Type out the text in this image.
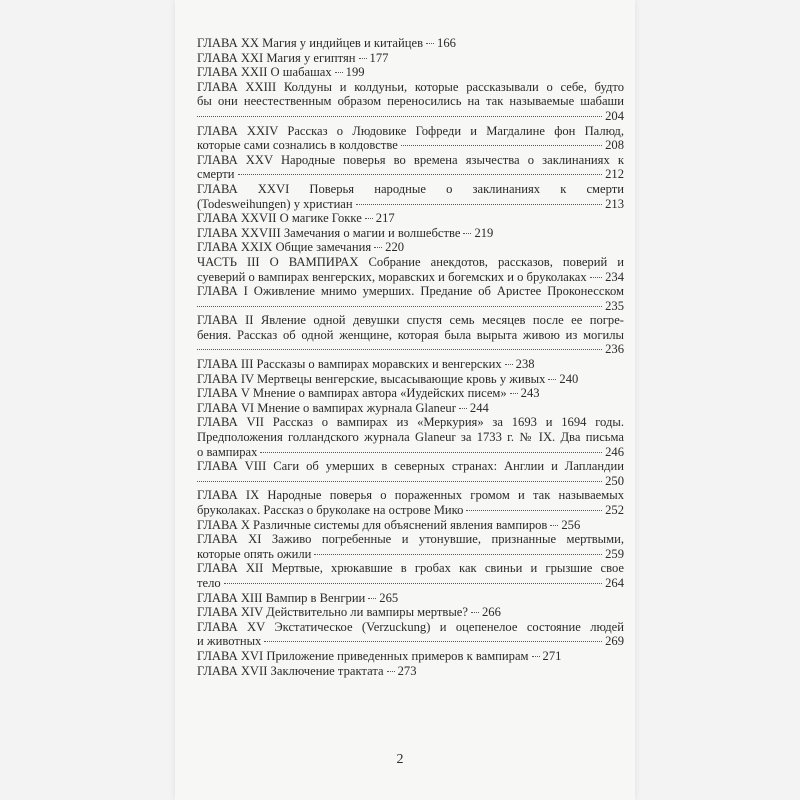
ГЛАВА XX Магия у индийцев и китайцев 166
ГЛАВА XXI Магия у египтян 177
ГЛАВА XXII О шабашах 199
ГЛАВА XXIII Колдуны и колдуньи, которые рассказывали о себе, будто
бы они неестественным образом переносились на так называемые шабаши
204
ГЛАВА XXIV Рассказ о Людовике Гофреди и Магдалине фон Палюд,
которые сами сознались в колдовстве	208
ГЛАВА XXV Народные поверья во времена язычества о заклинаниях к
смерти	212
ГЛАВА XXVI Поверья народные о заклинаниях к смерти
(Todesweihungen) у христиан	213
ГЛАВА XXVII О магике Гокке 217
ГЛАВА XXVIII Замечания о магии и волшебстве 219
ГЛАВА XXIX Общие замечания 220
ЧАСТЬ III О ВАМПИРАХ Собрание анекдотов, рассказов, поверий и
суеверий о вампирах венгерских, моравских и богемских и о бруколаках 234
ГЛАВА I Оживление мнимо умерших. Предание об Аристее Проконесском
235
ГЛАВА II Явление одной девушки спустя семь месяцев после ее погре-
бения. Рассказ об одной женщине, которая была вырыта живою из могилы
236
ГЛАВА III Рассказы о вампирах моравских и венгерских 238
ГЛАВА IV Мертвецы венгерские, высасывающие кровь у живых 240
ГЛАВА V Мнение о вампирах автора «Иудейских писем» 243
ГЛАВА VI Мнение о вампирах журнала Glaneur 244
ГЛАВА VII Рассказ о вампирах из «Меркурия» за 1693 и 1694 годы.
Предположения голландского журнала Glaneur за 1733 г. № IX. Два письма
о вампирах	246
ГЛАВА VIII Саги об умерших в северных странах: Англии и Лапландии
250
ГЛАВА IX Народные поверья о пораженных громом и так называемых
бруколаках. Рассказ о бруколаке на острове Мико	252
ГЛАВА X Различные системы для объяснений явления вампиров 256
ГЛАВА XI Заживо погребенные и утонувшие, признанные мертвыми,
которые опять ожили	259
ГЛАВА XII Мертвые, хрюкавшие в гробах как свиньи и грызшие свое
тело	264
ГЛАВА XIII Вампир в Венгрии 265
ГЛАВА XIV Действительно ли вампиры мертвые? 266
ГЛАВА XV Экстатическое (Verzuckung) и оцепенелое состояние людей
и животных	269
ГЛАВА XVI Приложение приведенных примеров к вампирам 271
ГЛАВА XVII Заключение трактата 273
2
